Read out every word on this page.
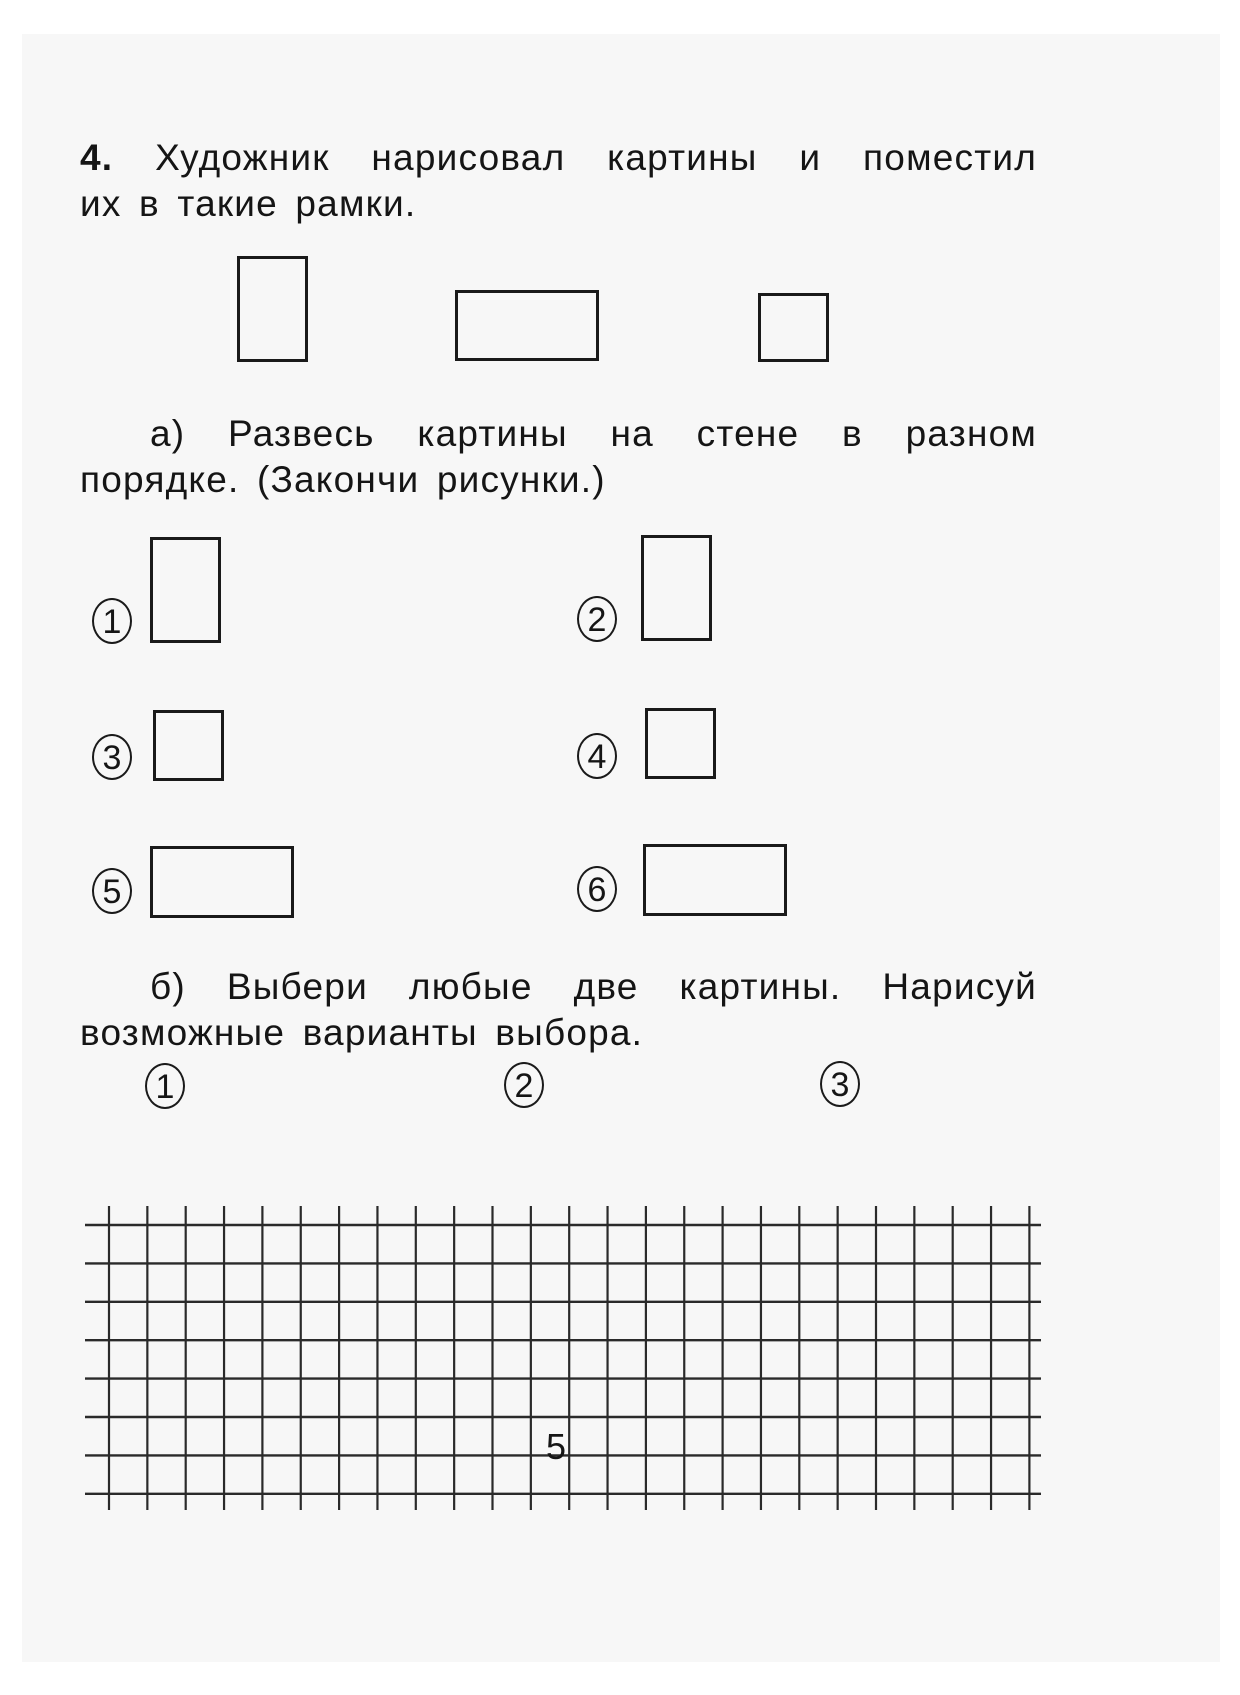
4. Художник нарисовал картины и поместил
их в такие рамки.
а) Развесь картины на стене в разном
порядке. (Закончи рисунки.)
1	2
3	4
5	6
б) Выбери любые две картины. Нарисуй
возможные варианты выбора.
1	2	3
5
